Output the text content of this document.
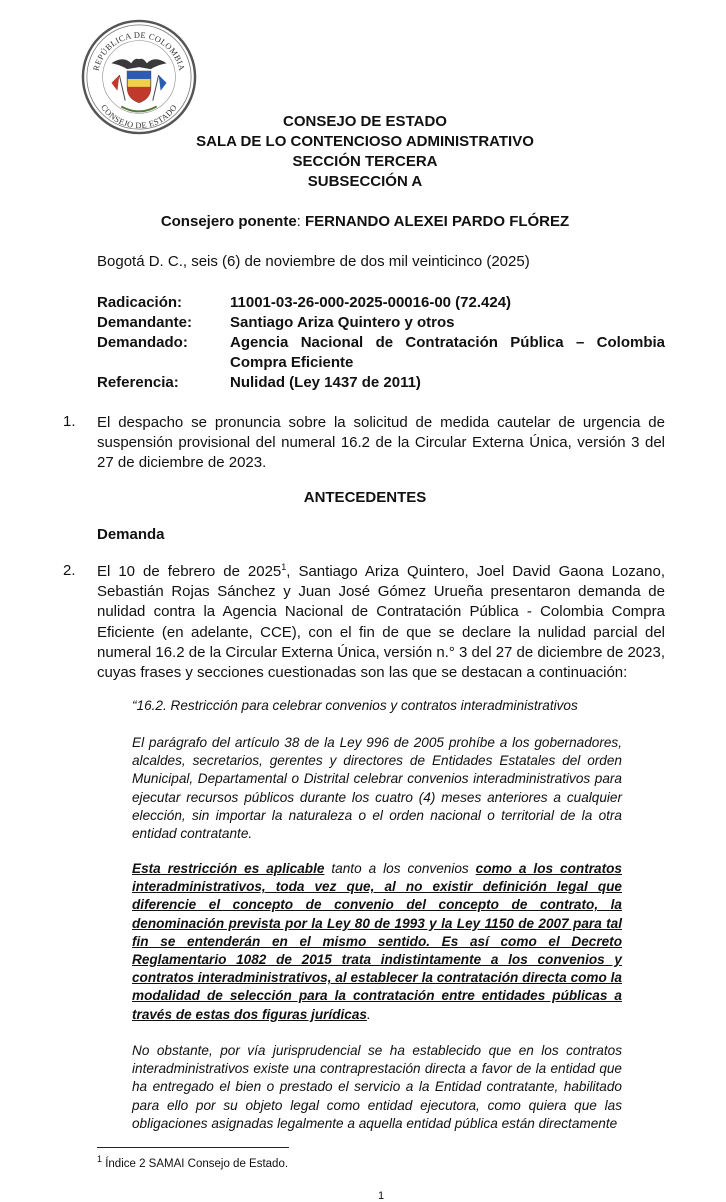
REPÚBLICA DE COLOMBIA
CONSEJO DE ESTADO
CONSEJO DE ESTADO
SALA DE LO CONTENCIOSO ADMINISTRATIVO
SECCIÓN TERCERA
SUBSECCIÓN A
Consejero ponente: FERNANDO ALEXEI PARDO FLÓREZ
Bogotá D. C., seis (6) de noviembre de dos mil veinticinco (2025)
Radicación:	11001-03-26-000-2025-00016-00 (72.424)
Demandante:	Santiago Ariza Quintero y otros
Demandado:	Agencia Nacional de Contratación Pública – Colombia Compra Eficiente
Referencia:	Nulidad (Ley 1437 de 2011)
1. El despacho se pronuncia sobre la solicitud de medida cautelar de urgencia de suspensión provisional del numeral 16.2 de la Circular Externa Única, versión 3 del 27 de diciembre de 2023.
ANTECEDENTES
Demanda
2. El 10 de febrero de 2025$^1$, Santiago Ariza Quintero, Joel David Gaona Lozano, Sebastián Rojas Sánchez y Juan José Gómez Urueña presentaron demanda de nulidad contra la Agencia Nacional de Contratación Pública - Colombia Compra Eficiente (en adelante, CCE), con el fin de que se declare la nulidad parcial del numeral 16.2 de la Circular Externa Única, versión n.° 3 del 27 de diciembre de 2023, cuyas frases y secciones cuestionadas son las que se destacan a continuación:
“16.2. Restricción para celebrar convenios y contratos interadministrativos
El parágrafo del artículo 38 de la Ley 996 de 2005 prohíbe a los gobernadores, alcaldes, secretarios, gerentes y directores de Entidades Estatales del orden Municipal, Departamental o Distrital celebrar convenios interadministrativos para ejecutar recursos públicos durante los cuatro (4) meses anteriores a cualquier elección, sin importar la naturaleza o el orden nacional o territorial de la otra entidad contratante.
Esta restricción es aplicable tanto a los convenios como a los contratos interadministrativos, toda vez que, al no existir definición legal que diferencie el concepto de convenio del concepto de contrato, la denominación prevista por la Ley 80 de 1993 y la Ley 1150 de 2007 para tal fin se entenderán en el mismo sentido. Es así como el Decreto Reglamentario 1082 de 2015 trata indistintamente a los convenios y contratos interadministrativos, al establecer la contratación directa como la modalidad de selección para la contratación entre entidades públicas a través de estas dos figuras jurídicas.
No obstante, por vía jurisprudencial se ha establecido que en los contratos interadministrativos existe una contraprestación directa a favor de la entidad que ha entregado el bien o prestado el servicio a la Entidad contratante, habilitado para ello por su objeto legal como entidad ejecutora, como quiera que las obligaciones asignadas legalmente a aquella entidad pública están directamente
$^1$ Índice 2 SAMAI Consejo de Estado.
1
